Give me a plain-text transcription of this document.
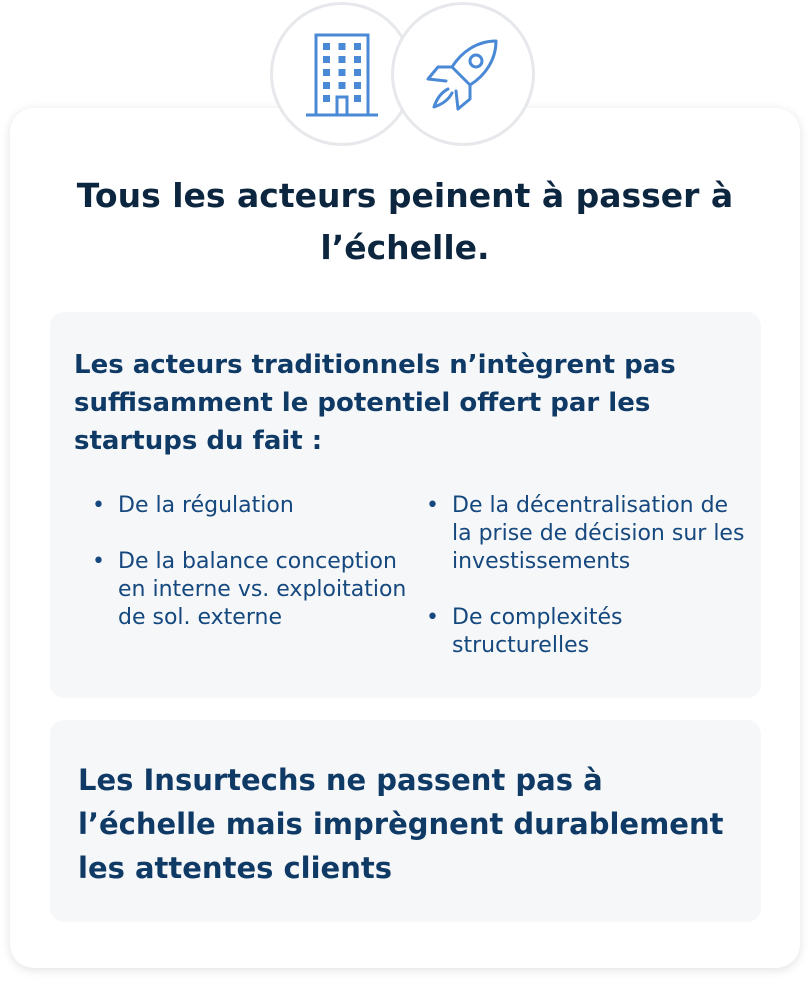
Tous les acteurs peinent à passer à l’échelle.
Les acteurs traditionnels n’intègrent pas suffisamment le potentiel offert par les startups du fait :
• De la régulation
• De la balance conception en interne vs. exploitation de sol. externe
• De la décentralisation de la prise de décision sur les investissements
• De complexités structurelles
Les Insurtechs ne passent pas à l’échelle mais imprègnent durablement les attentes clients
